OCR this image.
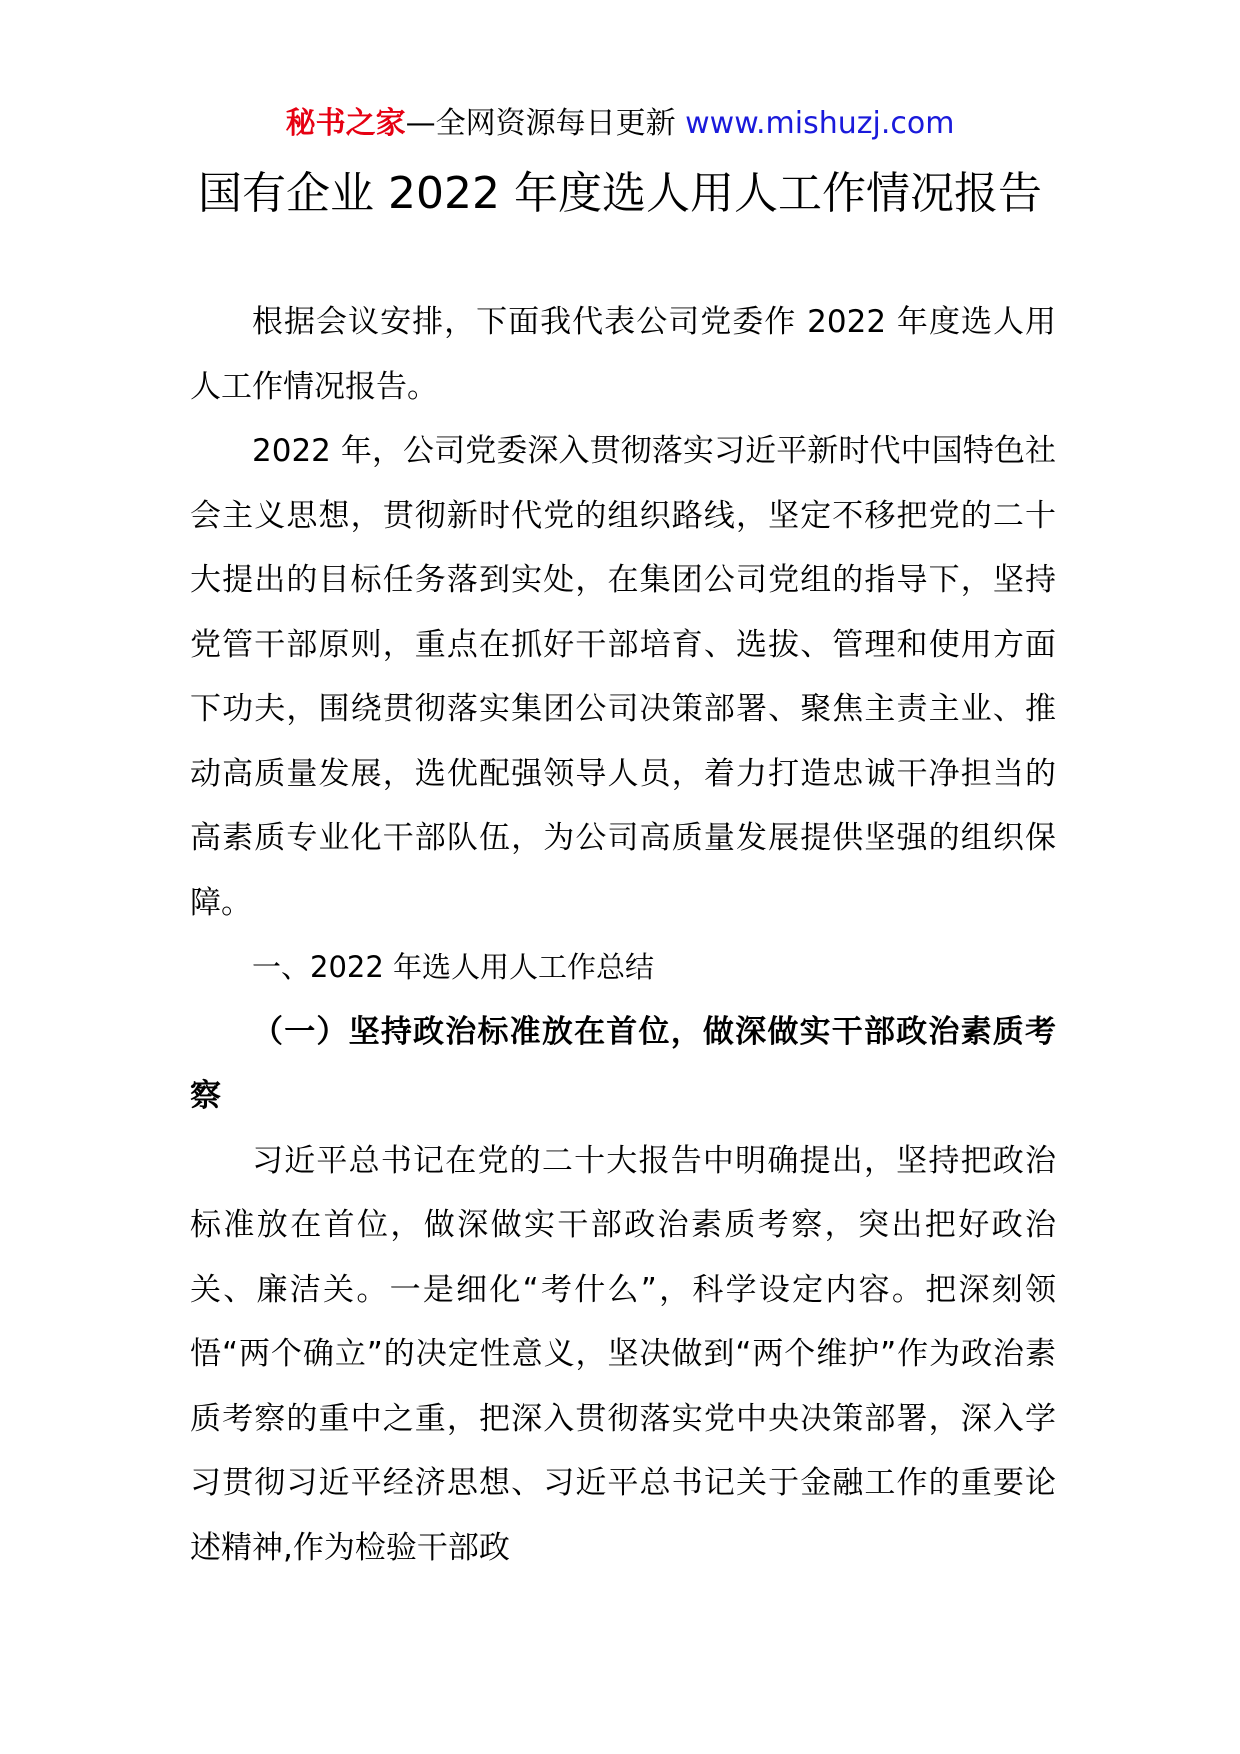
秘书之家—全网资源每日更新 www.mishuzj.com
国有企业 2022 年度选人用人工作情况报告

根据会议安排，下面我代表公司党委作 2022 年度选人用人工作情况报告。

2022 年，公司党委深入贯彻落实习近平新时代中国特色社会主义思想，贯彻新时代党的组织路线，坚定不移把党的二十大提出的目标任务落到实处，在集团公司党组的指导下，坚持党管干部原则，重点在抓好干部培育、选拔、管理和使用方面下功夫，围绕贯彻落实集团公司决策部署、聚焦主责主业、推动高质量发展，选优配强领导人员，着力打造忠诚干净担当的高素质专业化干部队伍，为公司高质量发展提供坚强的组织保障。

一、2022 年选人用人工作总结

（一）坚持政治标准放在首位，做深做实干部政治素质考察

习近平总书记在党的二十大报告中明确提出，坚持把政治标准放在首位，做深做实干部政治素质考察，突出把好政治关、廉洁关。一是细化“考什么”，科学设定内容。把深刻领悟“两个确立”的决定性意义，坚决做到“两个维护”作为政治素质考察的重中之重，把深入贯彻落实党中央决策部署，深入学习贯彻习近平经济思想、习近平总书记关于金融工作的重要论述精神,作为检验干部政
